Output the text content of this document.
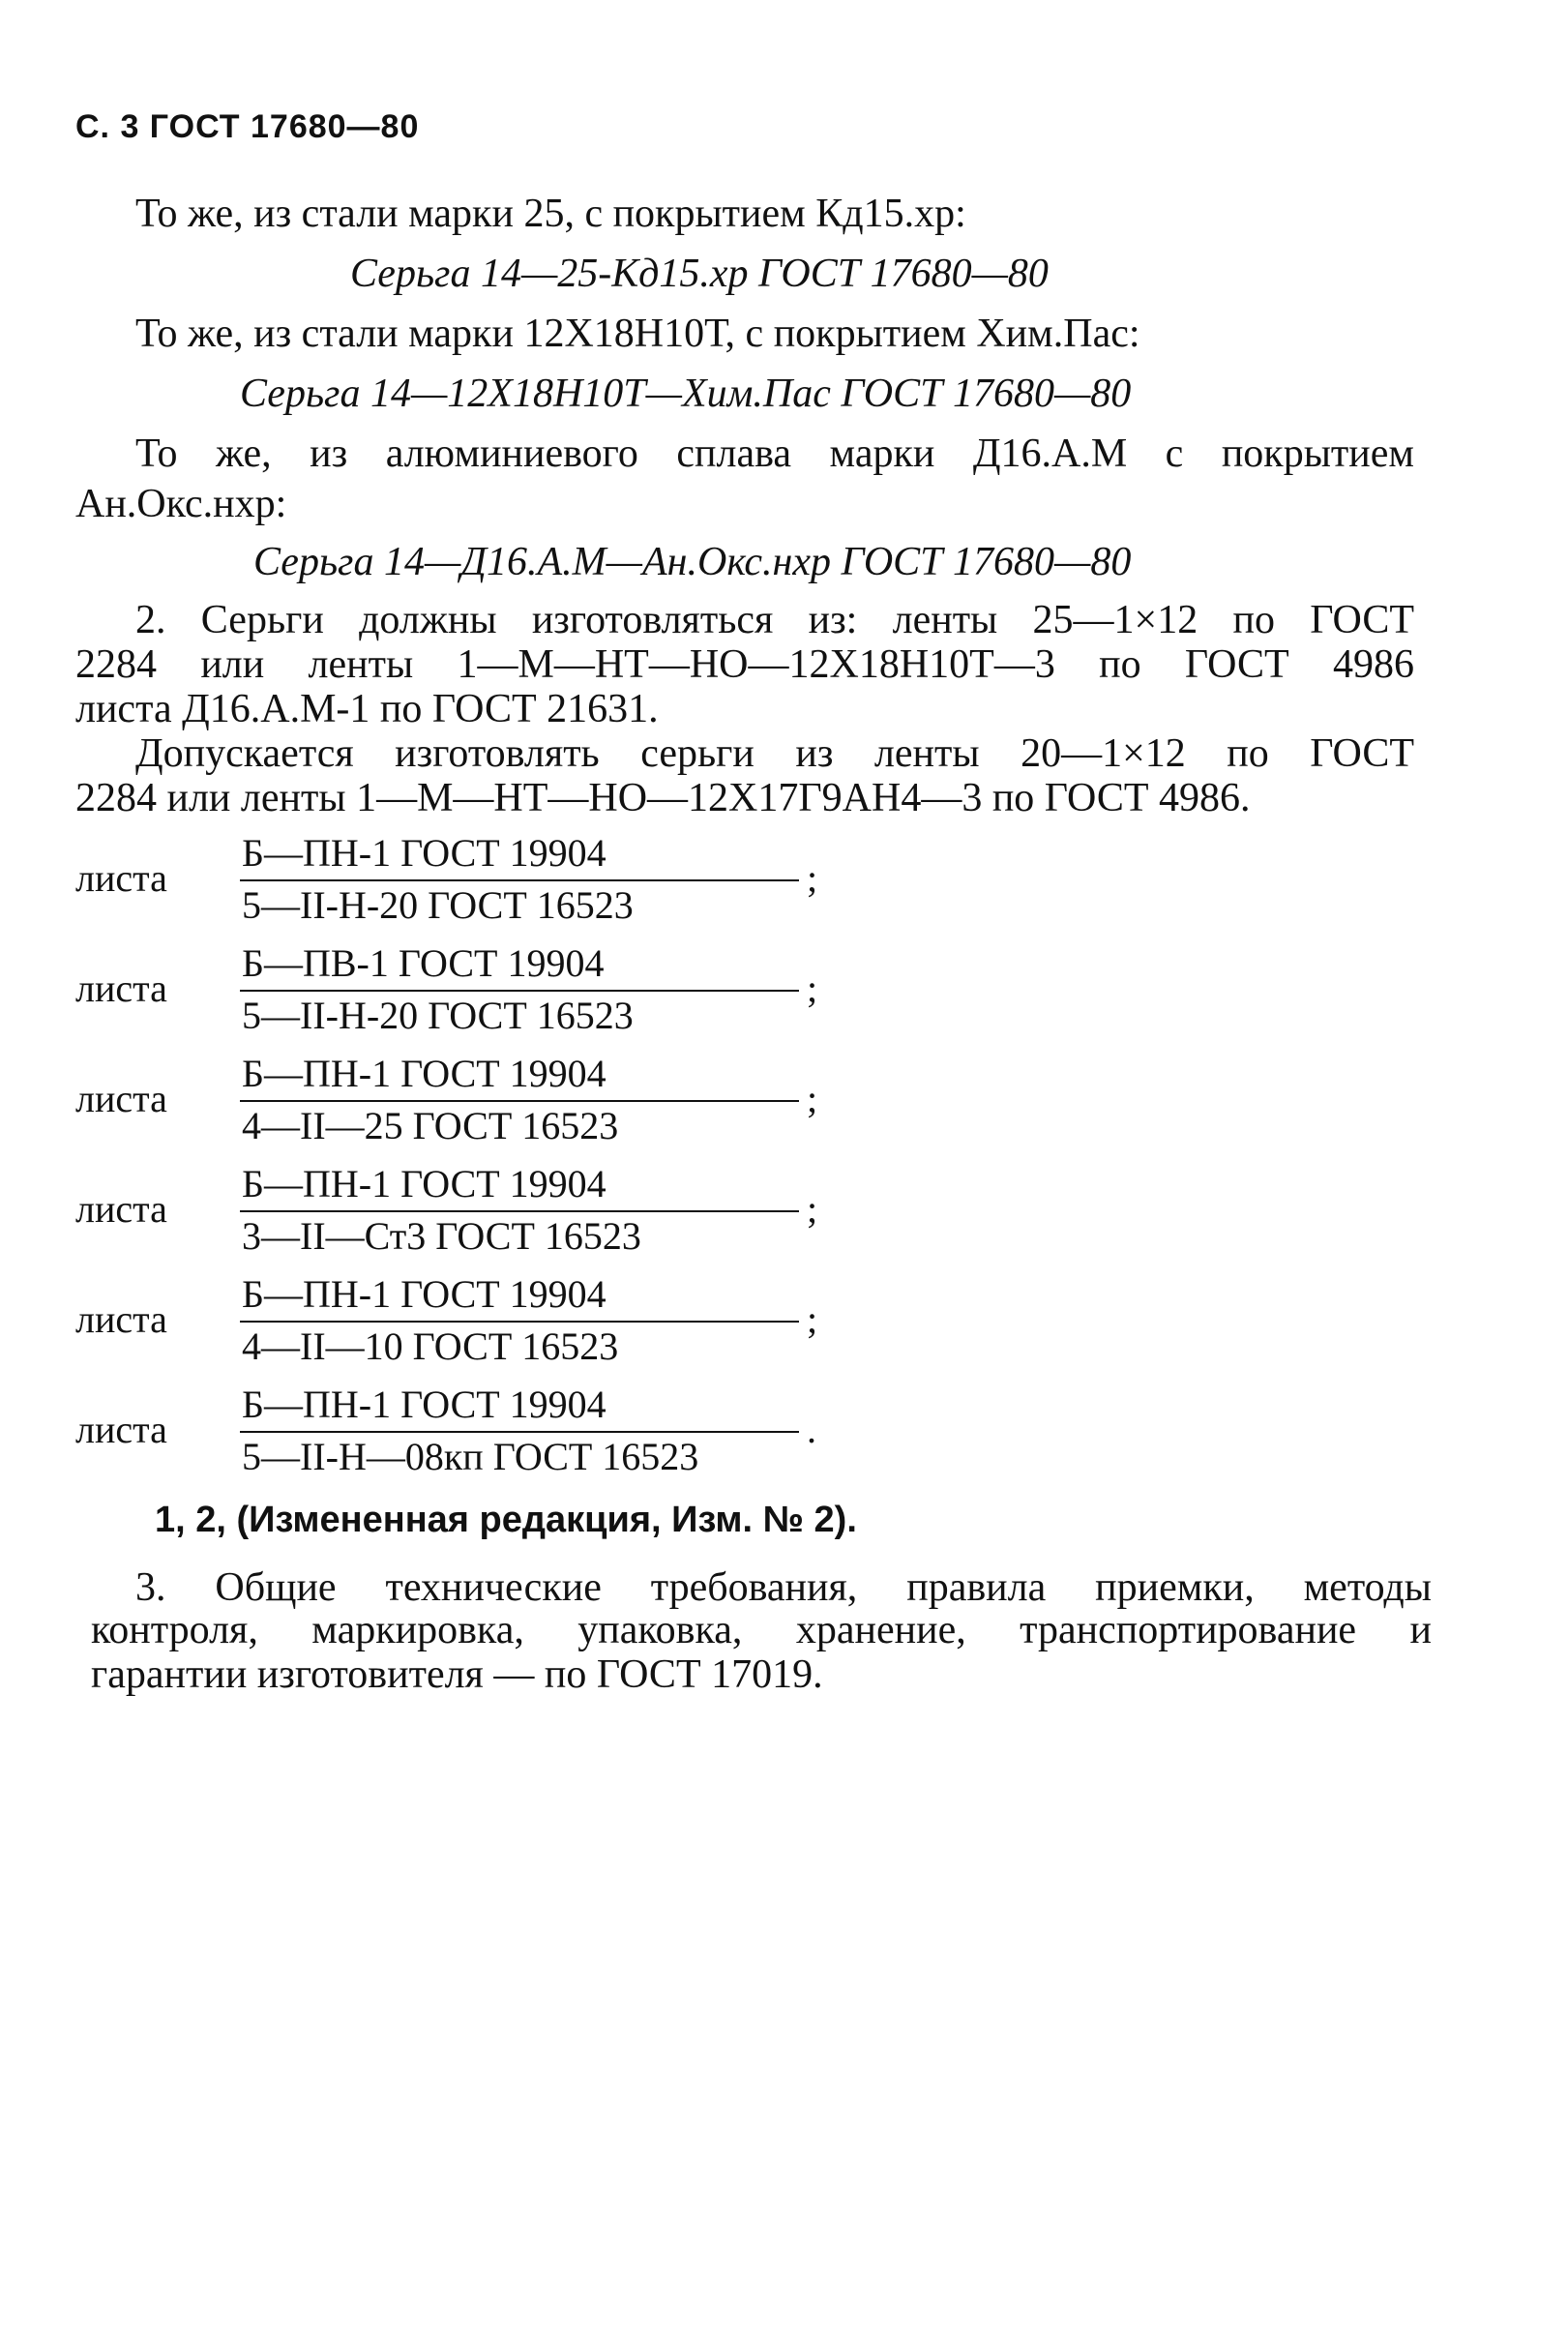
С. 3 ГОСТ 17680—80
То же, из стали марки 25, с покрытием Кд15.хр:
Серьга 14—25-Кд15.хр ГОСТ 17680—80
То же, из стали марки 12Х18Н10Т, с покрытием Хим.Пас:
Серьга 14—12Х18Н10Т—Хим.Пас ГОСТ 17680—80
То же, из алюминиевого сплава марки Д16.А.М с покрытием
Ан.Окс.нхр:
Серьга 14—Д16.А.М—Ан.Окс.нхр ГОСТ 17680—80
2. Серьги должны изготовляться из: ленты 25—1×12 по ГОСТ
2284 или ленты 1—М—НТ—НО—12Х18Н10Т—3 по ГОСТ 4986
листа Д16.А.М-1 по ГОСТ 21631.
Допускается изготовлять серьги из ленты 20—1×12 по ГОСТ
2284 или ленты 1—М—НТ—НО—12Х17Г9АН4—3 по ГОСТ 4986.
листа
Б—ПН-1 ГОСТ 19904
5—II-Н-20 ГОСТ 16523
;
листа
Б—ПВ-1 ГОСТ 19904
5—II-Н-20 ГОСТ 16523
;
листа
Б—ПН-1 ГОСТ 19904
4—II—25 ГОСТ 16523
;
листа
Б—ПН-1 ГОСТ 19904
3—II—Ст3 ГОСТ 16523
;
листа
Б—ПН-1 ГОСТ 19904
4—II—10 ГОСТ 16523
;
листа
Б—ПН-1 ГОСТ 19904
5—II-Н—08кп ГОСТ 16523
.
1, 2, (Измененная редакция, Изм. № 2).
3. Общие технические требования, правила приемки, методы
контроля, маркировка, упаковка, хранение, транспортирование и
гарантии изготовителя — по ГОСТ 17019.
